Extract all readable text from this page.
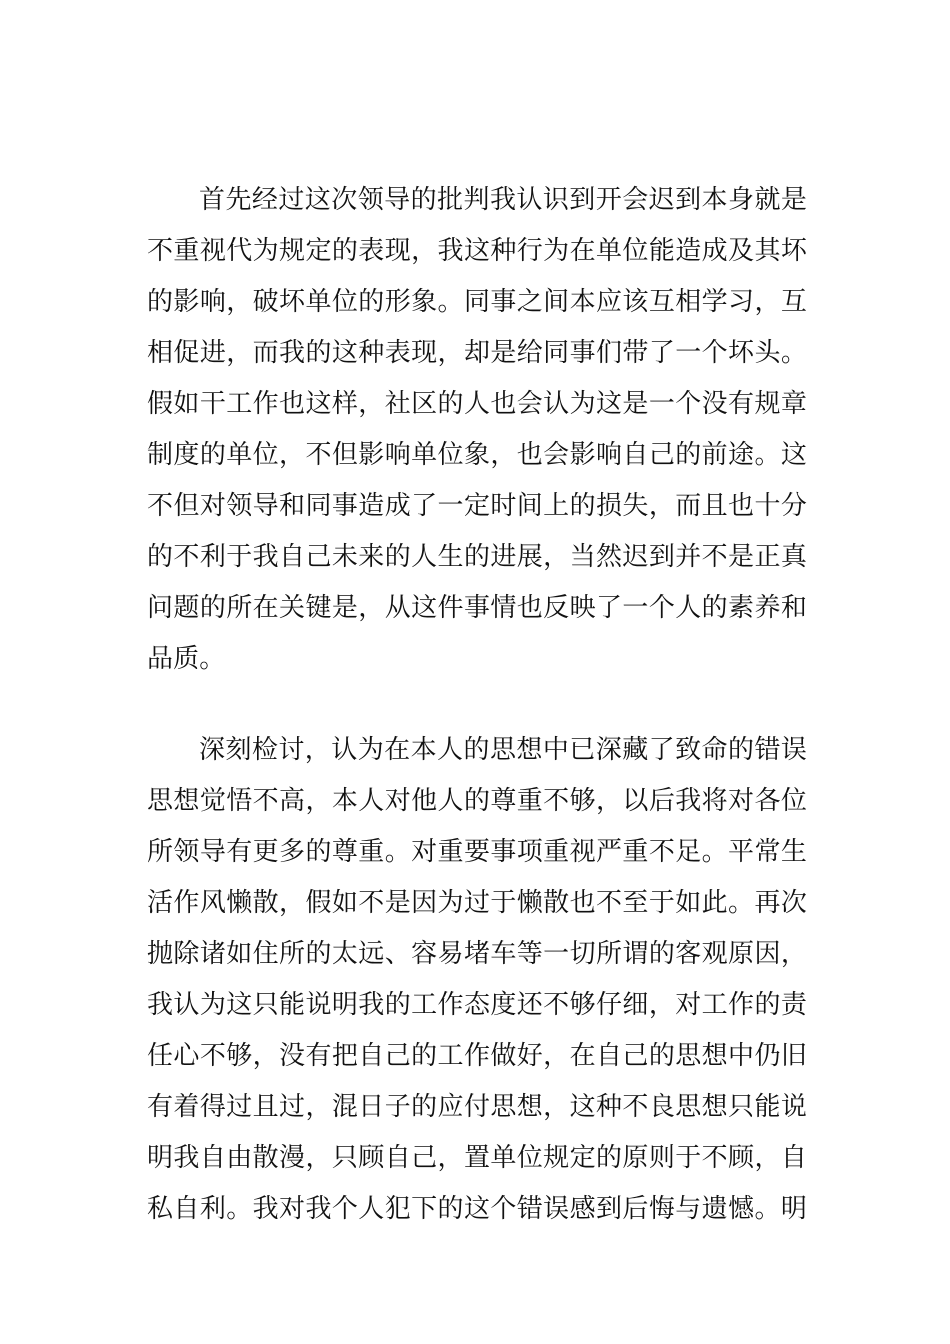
首先经过这次领导的批判我认识到开会迟到本身就是
不重视代为规定的表现，我这种行为在单位能造成及其坏
的影响，破坏单位的形象。同事之间本应该互相学习，互
相促进，而我的这种表现，却是给同事们带了一个坏头。
假如干工作也这样，社区的人也会认为这是一个没有规章
制度的单位，不但影响单位象，也会影响自己的前途。这
不但对领导和同事造成了一定时间上的损失，而且也十分
的不利于我自己未来的人生的进展，当然迟到并不是正真
问题的所在关键是，从这件事情也反映了一个人的素养和
品质。
深刻检讨，认为在本人的思想中已深藏了致命的错误
思想觉悟不高，本人对他人的尊重不够，以后我将对各位
所领导有更多的尊重。对重要事项重视严重不足。平常生
活作风懒散，假如不是因为过于懒散也不至于如此。再次
抛除诸如住所的太远、容易堵车等一切所谓的客观原因，
我认为这只能说明我的工作态度还不够仔细，对工作的责
任心不够，没有把自己的工作做好，在自己的思想中仍旧
有着得过且过，混日子的应付思想，这种不良思想只能说
明我自由散漫，只顾自己，置单位规定的原则于不顾，自
私自利。我对我个人犯下的这个错误感到后悔与遗憾。明
